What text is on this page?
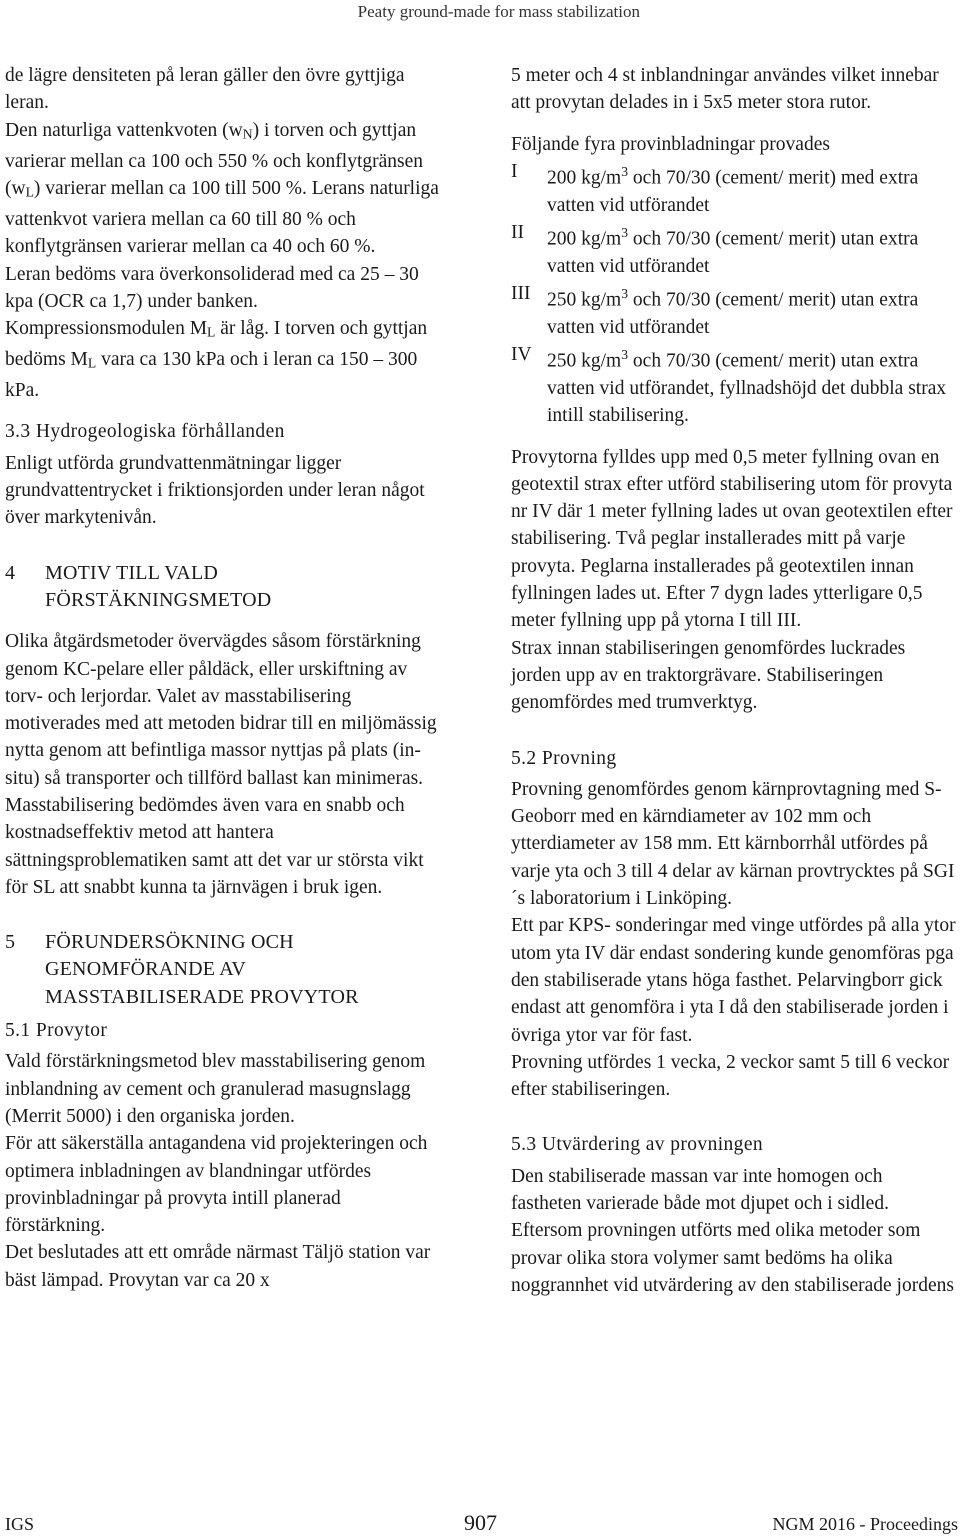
Peaty ground-made for mass stabilization

de lägre densiteten på leran gäller den övre gyttjiga leran.
Den naturliga vattenkvoten (wN) i torven och gyttjan varierar mellan ca 100 och 550 % och konflytgränsen (wL) varierar mellan ca 100 till 500 %. Lerans naturliga vattenkvot variera mellan ca 60 till 80 % och konflytgränsen varierar mellan ca 40 och 60 %.

Leran bedöms vara överkonsoliderad med ca 25 – 30 kpa (OCR ca 1,7) under banken.
Kompressionsmodulen ML är låg. I torven och gyttjan bedöms ML vara ca 130 kPa och i leran ca 150 – 300 kPa.

3.3 Hydrogeologiska förhållanden

Enligt utförda grundvattenmätningar ligger grundvattentrycket i friktionsjorden under leran något över markytenivån.

4	MOTIV TILL VALD FÖRSTÄKNINGSMETOD

Olika åtgärdsmetoder övervägdes såsom förstärkning genom KC-pelare eller påldäck, eller urskiftning av torv- och lerjordar. Valet av masstabilisering motiverades med att metoden bidrar till en miljömässig nytta genom att befintliga massor nyttjas på plats (in-situ) så transporter och tillförd ballast kan minimeras. Masstabilisering bedömdes även vara en snabb och kostnadseffektiv metod att hantera sättningsproblematiken samt att det var ur största vikt för SL att snabbt kunna ta järnvägen i bruk igen.

5	FÖRUNDERSÖKNING OCH GENOMFÖRANDE AV MASSTABILISERADE PROVYTOR
5.1 Provytor

Vald förstärkningsmetod blev masstabilisering genom inblandning av cement och granulerad masugnslagg (Merrit 5000) i den organiska jorden.

För att säkerställa antagandena vid projekteringen och optimera inbladningen av blandningar utfördes provinbladningar på provyta intill planerad förstärkning.

Det beslutades att ett område närmast Täljö station var bäst lämpad. Provytan var ca 20 x

5 meter och 4 st inblandningar användes vilket innebar att provytan delades in i 5x5 meter stora rutor.

Följande fyra provinbladningar provades

I	200 $kg/m^3$ och 70/30 (cement/ merit) med extra vatten vid utförandet
II	200 $kg/m^3$ och 70/30 (cement/ merit) utan extra vatten vid utförandet
III 250 $kg/m^3$ och 70/30 (cement/ merit) utan extra vatten vid utförandet
IV 250 $kg/m^3$ och 70/30 (cement/ merit) utan extra vatten vid utförandet, fyllnadshöjd det dubbla strax intill stabilisering.

Provytorna fylldes upp med 0,5 meter fyllning ovan en geotextil strax efter utförd stabilisering utom för provyta nr IV där 1 meter fyllning lades ut ovan geotextilen efter stabilisering. Två peglar installerades mitt på varje provyta. Peglarna installerades på geotextilen innan fyllningen lades ut. Efter 7 dygn lades ytterligare 0,5 meter fyllning upp på ytorna I till III.

Strax innan stabiliseringen genomfördes luckrades jorden upp av en traktorgrävare. Stabiliseringen genomfördes med trumverktyg.

5.2 Provning

Provning genomfördes genom kärnprovtagning med S-Geoborr med en kärndiameter av 102 mm och ytterdiameter av 158 mm. Ett kärnborrhål utfördes på varje yta och 3 till 4 delar av kärnan provtrycktes på SGI´s laboratorium i Linköping.

Ett par KPS- sonderingar med vinge utfördes på alla ytor utom yta IV där endast sondering kunde genomföras pga den stabiliserade ytans höga fasthet. Pelarvingborr gick endast att genomföra i yta I då den stabiliserade jorden i övriga ytor var för fast.

Provning utfördes 1 vecka, 2 veckor samt 5 till 6 veckor efter stabiliseringen.

5.3 Utvärdering av provningen

Den stabiliserade massan var inte homogen och fastheten varierade både mot djupet och i sidled. Eftersom provningen utförts med olika metoder som provar olika stora volymer samt bedöms ha olika noggrannhet vid utvärdering av den stabiliserade jordens

IGS	907	NGM 2016 - Proceedings
